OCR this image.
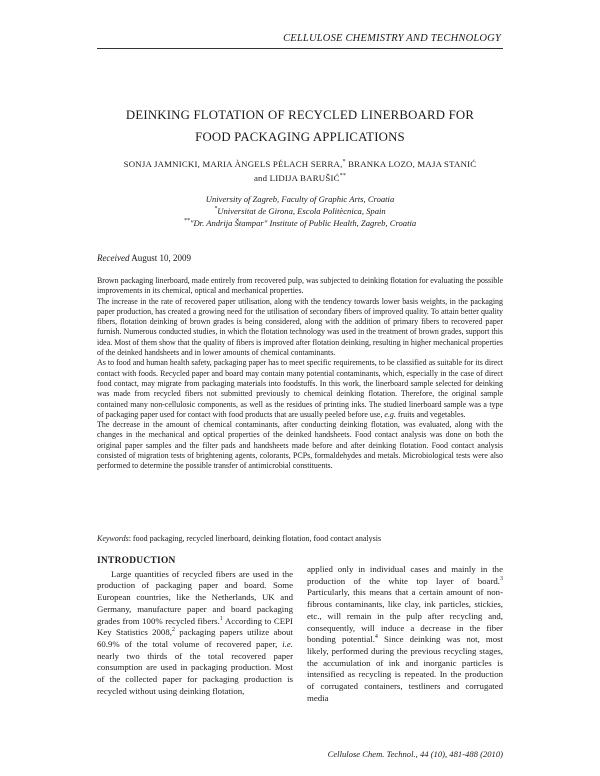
CELLULOSE CHEMISTRY AND TECHNOLOGY
DEINKING FLOTATION OF RECYCLED LINERBOARD FOR
FOOD PACKAGING APPLICATIONS
SONJA JAMNICKI, MARIA ÀNGELS PÉLACH SERRA,* BRANKA LOZO, MAJA STANIĆ
and LIDIJA BARUŠIĆ**
University of Zagreb, Faculty of Graphic Arts, Croatia
*Universitat de Girona, Escola Politècnica, Spain
**"Dr. Andrija Štampar" Institute of Public Health, Zagreb, Croatia
Received August 10, 2009

Brown packaging linerboard, made entirely from recovered pulp, was subjected to deinking flotation for evaluating the possible improvements in its chemical, optical and mechanical properties.

The increase in the rate of recovered paper utilisation, along with the tendency towards lower basis weights, in the packaging paper production, has created a growing need for the utilisation of secondary fibers of improved quality. To attain better quality fibers, flotation deinking of brown grades is being considered, along with the addition of primary fibers to recovered paper furnish. Numerous conducted studies, in which the flotation technology was used in the treatment of brown grades, support this idea. Most of them show that the quality of fibers is improved after flotation deinking, resulting in higher mechanical properties of the deinked handsheets and in lower amounts of chemical contaminants.

As to food and human health safety, packaging paper has to meet specific requirements, to be classified as suitable for its direct contact with foods. Recycled paper and board may contain many potential contaminants, which, especially in the case of direct food contact, may migrate from packaging materials into foodstuffs. In this work, the linerboard sample selected for deinking was made from recycled fibers not submitted previously to chemical deinking flotation. Therefore, the original sample contained many non-cellulosic components, as well as the residues of printing inks. The studied linerboard sample was a type of packaging paper used for contact with food products that are usually peeled before use, e.g. fruits and vegetables.

The decrease in the amount of chemical contaminants, after conducting deinking flotation, was evaluated, along with the changes in the mechanical and optical properties of the deinked handsheets. Food contact analysis was done on both the original paper samples and the filter pads and handsheets made before and after deinking flotation. Food contact analysis consisted of migration tests of brightening agents, colorants, PCPs, formaldehydes and metals. Microbiological tests were also performed to determine the possible transfer of antimicrobial constituents.

Keywords: food packaging, recycled linerboard, deinking flotation, food contact analysis

INTRODUCTION

Large quantities of recycled fibers are used in the production of packaging paper and board. Some European countries, like the Netherlands, UK and Germany, manufacture paper and board packaging grades from 100% recycled fibers.$^1$ According to CEPI Key Statistics 2008,$^2$ packaging papers utilize about 60.9% of the total volume of recovered paper, i.e. nearly two thirds of the total recovered paper consumption are used in packaging production. Most of the collected paper for packaging production is recycled without using deinking flotation,

applied only in individual cases and mainly in the production of the white top layer of board.$^3$ Particularly, this means that a certain amount of non-fibrous contaminants, like clay, ink particles, stickies, etc., will remain in the pulp after recycling and, consequently, will induce a decrease in the fiber bonding potential.$^4$ Since deinking was not, most likely, performed during the previous recycling stages, the accumulation of ink and inorganic particles is intensified as recycling is repeated. In the production of corrugated containers, testliners and corrugated media

Cellulose Chem. Technol., 44 (10), 481-488 (2010)
